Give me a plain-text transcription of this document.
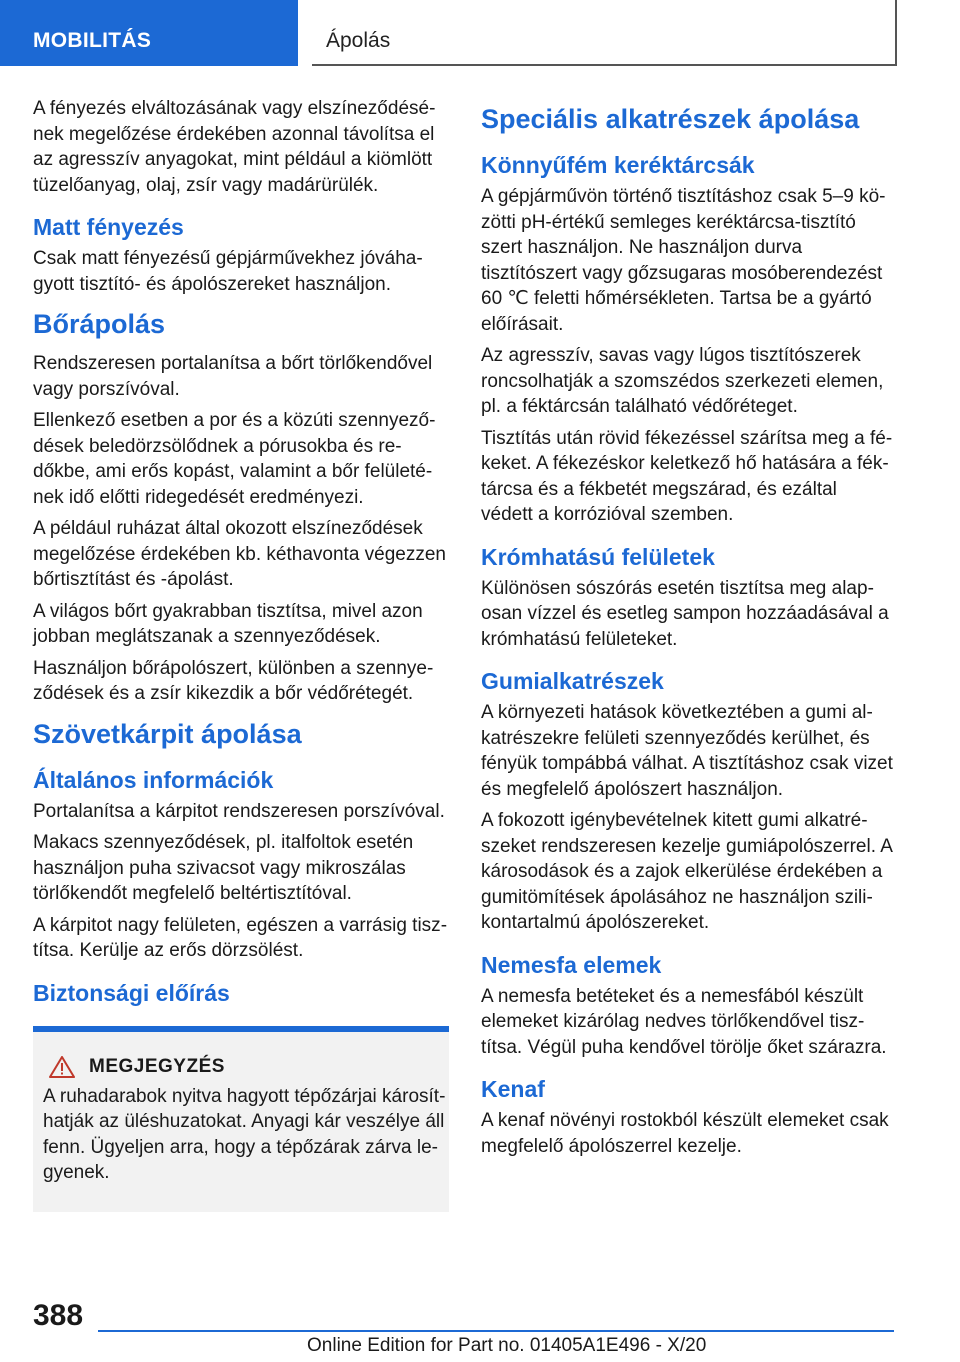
MOBILITÁS	Ápolás

A fényezés elváltozásának vagy elszíneződésének megelőzése érdekében azonnal távolítsa el az agresszív anyagokat, mint például a kiömlött tüzelőanyag, olaj, zsír vagy madárürülék.

Matt fényezés

Csak matt fényezésű gépjárművekhez jóváhagyott tisztító- és ápolószereket használjon.

Bőrápolás

Rendszeresen portalanítsa a bőrt törlőkendővel vagy porszívóval.

Ellenkező esetben a por és a közúti szennyeződések beledörzsölődnek a pórusokba és redőkbe, ami erős kopást, valamint a bőr felületének idő előtti ridegedését eredményezi.

A például ruházat által okozott elszíneződések megelőzése érdekében kb. kéthavonta végezzen bőrtisztítást és -ápolást.

A világos bőrt gyakrabban tisztítsa, mivel azon jobban meglátszanak a szennyeződések.

Használjon bőrápolószert, különben a szennyeződések és a zsír kikezdik a bőr védőrétegét.

Szövetkárpit ápolása
Általános információk

Portalanítsa a kárpitot rendszeresen porszívóval.

Makacs szennyeződések, pl. italfoltok esetén használjon puha szivacsot vagy mikroszálas törlőkendőt megfelelő beltértisztítóval.

A kárpitot nagy felületen, egészen a varrásig tisztítsa. Kerülje az erős dörzsölést.

Biztonsági előírás
MEGJEGYZÉS

A ruhadarabok nyitva hagyott tépőzárjai károsíthatják az üléshuzatokat. Anyagi kár veszélye áll fenn. Ügyeljen arra, hogy a tépőzárak zárva legyenek.

Speciális alkatrészek ápolása
Könnyűfém keréktárcsák

A gépjárművön történő tisztításhoz csak 5–9 közötti pH-értékű semleges keréktárcsa-tisztító szert használjon. Ne használjon durva tisztítószert vagy gőzsugaras mosóberendezést 60 ℃ feletti hőmérsékleten. Tartsa be a gyártó előírásait.

Az agresszív, savas vagy lúgos tisztítószerek roncsolhatják a szomszédos szerkezeti elemen, pl. a féktárcsán található védőréteget.

Tisztítás után rövid fékezéssel szárítsa meg a fékeket. A fékezéskor keletkező hő hatására a féktárcsa és a fékbetét megszárad, és ezáltal védett a korrózióval szemben.

Krómhatású felületek

Különösen sószórás esetén tisztítsa meg alaposan vízzel és esetleg sampon hozzáadásával a krómhatású felületeket.

Gumialkatrészek

A környezeti hatások következtében a gumi alkatrészekre felületi szennyeződés kerülhet, és fényük tompábbá válhat. A tisztításhoz csak vizet és megfelelő ápolószert használjon.

A fokozott igénybevételnek kitett gumi alkatrészeket rendszeresen kezelje gumiápolószerrel. A károsodások és a zajok elkerülése érdekében a gumitömítések ápolásához ne használjon szilikontartalmú ápolószereket.

Nemesfa elemek

A nemesfa betéteket és a nemesfából készült elemeket kizárólag nedves törlőkendővel tisztítsa. Végül puha kendővel törölje őket szárazra.

Kenaf

A kenaf növényi rostokból készült elemeket csak megfelelő ápolószerrel kezelje.

388
Online Edition for Part no. 01405A1E496 - X/20
